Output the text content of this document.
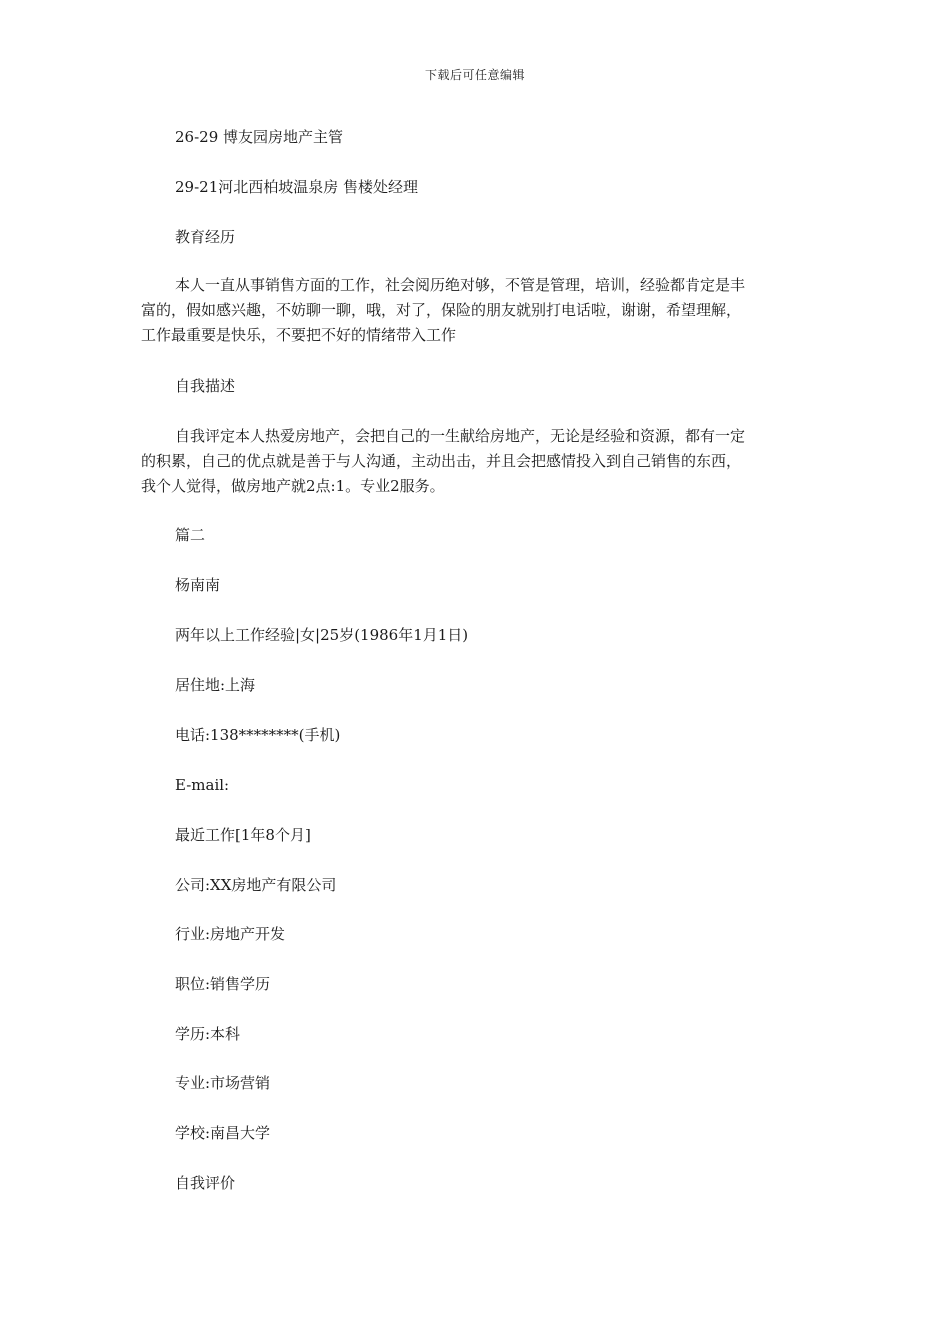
下载后可任意编辑
26-29 博友园房地产主管
29-21河北西柏坡温泉房 售楼处经理
教育经历
本人一直从事销售方面的工作，社会阅历绝对够，不管是管理，培训，经验都肯定是丰
富的，假如感兴趣，不妨聊一聊，哦，对了，保险的朋友就别打电话啦，谢谢，希望理解，
工作最重要是快乐，不要把不好的情绪带入工作
自我描述
自我评定本人热爱房地产，会把自己的一生献给房地产，无论是经验和资源，都有一定
的积累，自己的优点就是善于与人沟通，主动出击，并且会把感情投入到自己销售的东西，
我个人觉得，做房地产就2点:1。专业2服务。
篇二
杨南南
两年以上工作经验|女|25岁(1986年1月1日)
居住地:上海
电话:138********(手机)
E-mail:
最近工作[1年8个月]
公司:XX房地产有限公司
行业:房地产开发
职位:销售学历
学历:本科
专业:市场营销
学校:南昌大学
自我评价
